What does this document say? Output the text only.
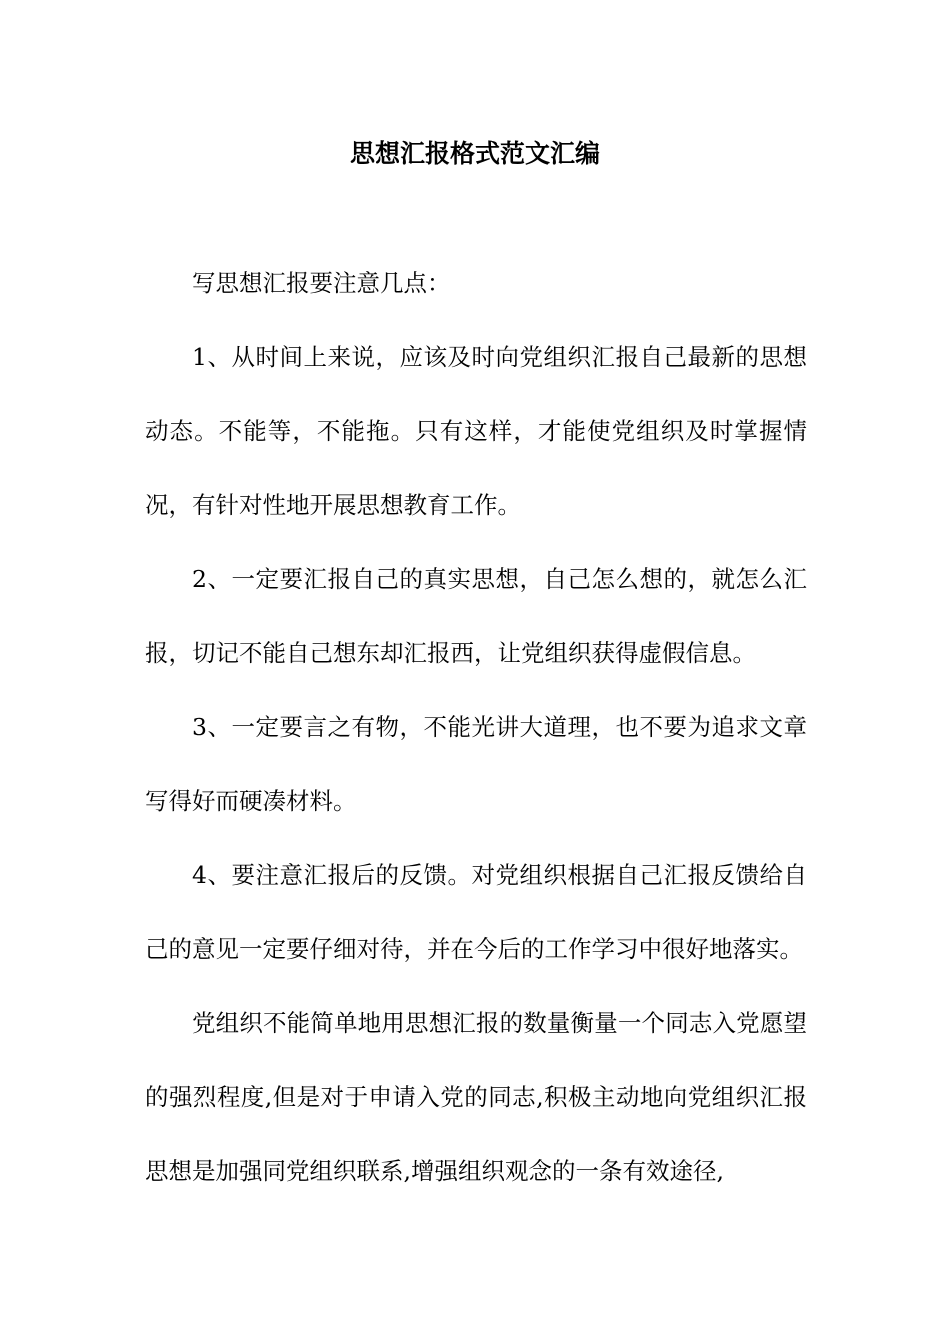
思想汇报格式范文汇编

写思想汇报要注意几点：

1、从时间上来说，应该及时向党组织汇报自己最新的思想动态。不能等，不能拖。只有这样，才能使党组织及时掌握情况，有针对性地开展思想教育工作。

2、一定要汇报自己的真实思想，自己怎么想的，就怎么汇报，切记不能自己想东却汇报西，让党组织获得虚假信息。

3、一定要言之有物，不能光讲大道理，也不要为追求文章写得好而硬凑材料。

4、要注意汇报后的反馈。对党组织根据自己汇报反馈给自己的意见一定要仔细对待，并在今后的工作学习中很好地落实。

党组织不能简单地用思想汇报的数量衡量一个同志入党愿望的强烈程度,但是对于申请入党的同志,积极主动地向党组织汇报思想是加强同党组织联系,增强组织观念的一条有效途径,
